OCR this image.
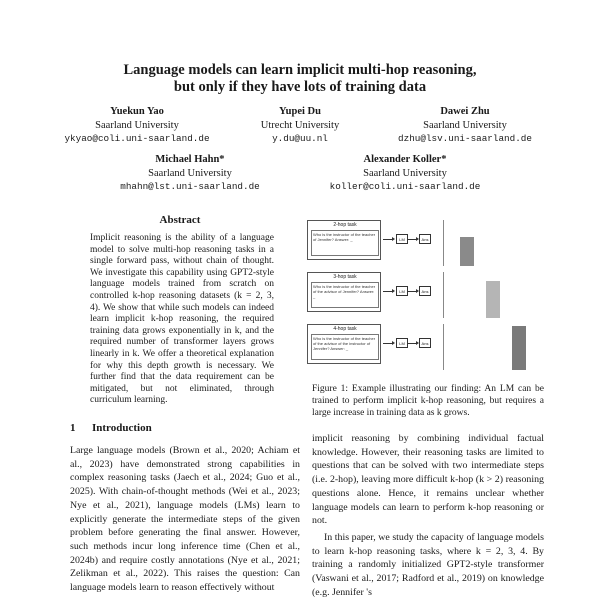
Language models can learn implicit multi-hop reasoning,
but only if they have lots of training data
Yuekun Yao
Saarland University
ykyao@coli.uni-saarland.de
Yupei Du
Utrecht University
y.du@uu.nl
Dawei Zhu
Saarland University
dzhu@lsv.uni-saarland.de
Michael Hahn*
Saarland University
mhahn@lst.uni-saarland.de
Alexander Koller*
Saarland University
koller@coli.uni-saarland.de
Abstract
Implicit reasoning is the ability of a language model to solve multi-hop reasoning tasks in a single forward pass, without chain of thought. We investigate this capability using GPT2-style language models trained from scratch on controlled k-hop reasoning datasets (k = 2, 3, 4). We show that while such models can indeed learn implicit k-hop reasoning, the required training data grows exponentially in k, and the required number of transformer layers grows linearly in k. We offer a theoretical explanation for why this depth growth is necessary. We further find that the data requirement can be mitigated, but not eliminated, through curriculum learning.
2-hop task
Who is the instructor of the teacher of Jennifer? Answer: _	LM	Ans
3-hop task
Who is the instructor of the teacher of the advisor of Jennifer? Answer: _
LM	Ans
4-hop task
Who is the instructor of the teacher of the advisor of the instructor of Jennifer? Answer: _
LM	Ans
Figure 1: Example illustrating our finding: An LM can be trained to perform implicit k-hop reasoning, but requires a large increase in training data as k grows.
1 Introduction
Large language models (Brown et al., 2020; Achiam et al., 2023) have demonstrated strong capabilities in complex reasoning tasks (Jaech et al., 2024; Guo et al., 2025). With chain-of-thought methods (Wei et al., 2023; Nye et al., 2021), language models (LMs) learn to explicitly generate the intermediate steps of the given problem before generating the final answer. However, such methods incur long inference time (Chen et al., 2024b) and require costly annotations (Nye et al., 2021; Zelikman et al., 2022). This raises the question: Can language models learn to reason effectively without

implicit reasoning by combining individual factual knowledge. However, their reasoning tasks are limited to questions that can be solved with two intermediate steps (i.e. 2-hop), leaving more difficult k-hop (k > 2) reasoning questions alone. Hence, it remains unclear whether language models can learn to perform k-hop reasoning or not.

In this paper, we study the capacity of language models to learn k-hop reasoning tasks, where k = 2, 3, 4. By training a randomly initialized GPT2-style transformer (Vaswani et al., 2017; Radford et al., 2019) on knowledge (e.g. Jennifer 's
